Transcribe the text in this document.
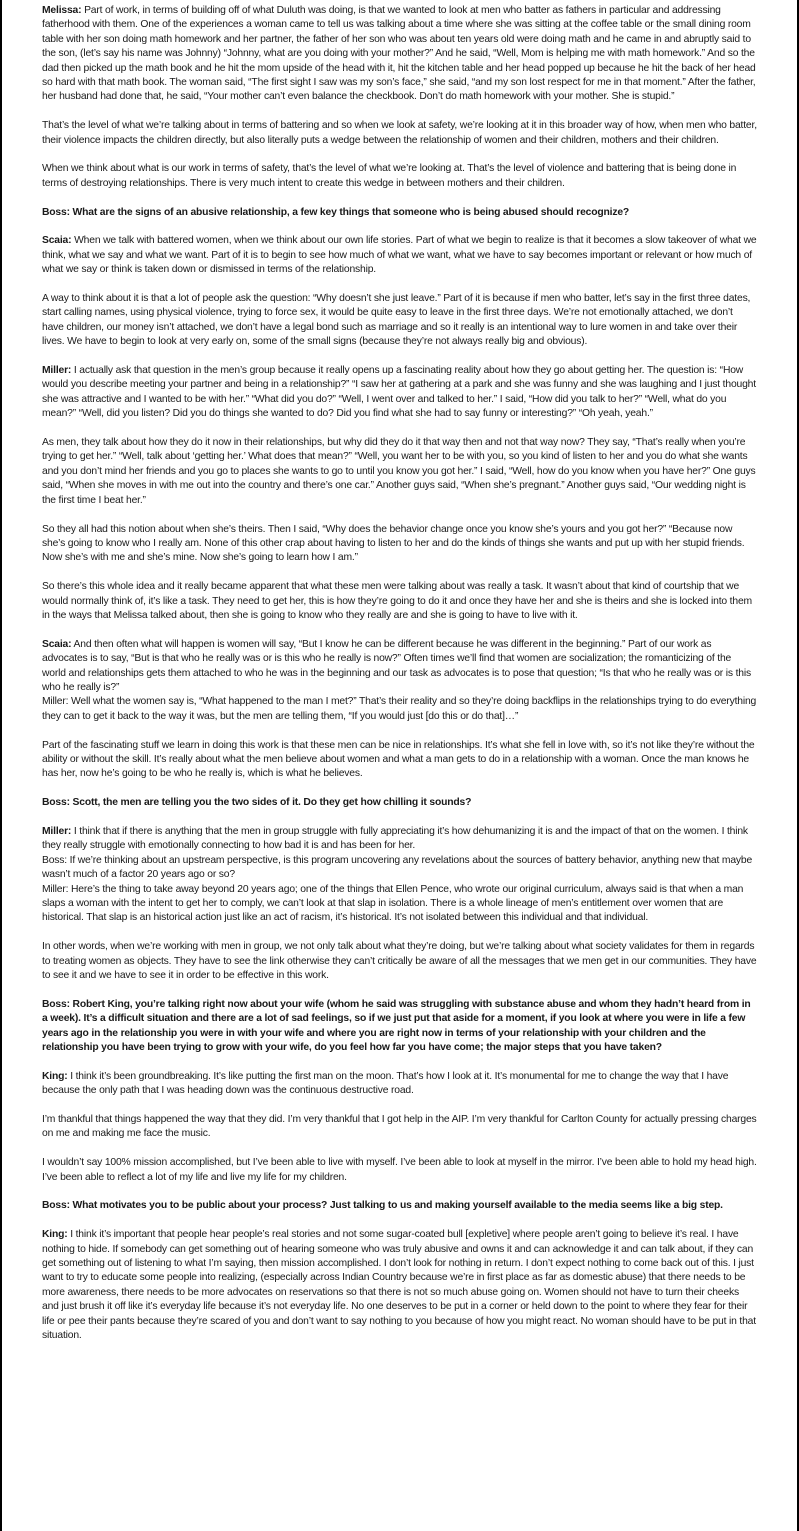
Melissa: Part of work, in terms of building off of what Duluth was doing, is that we wanted to look at men who batter as fathers in particular and addressing fatherhood with them. One of the experiences a woman came to tell us was talking about a time where she was sitting at the coffee table or the small dining room table with her son doing math homework and her partner, the father of her son who was about ten years old were doing math and he came in and abruptly said to the son, (let’s say his name was Johnny) “Johnny, what are you doing with your mother?” And he said, “Well, Mom is helping me with math homework.” And so the dad then picked up the math book and he hit the mom upside of the head with it, hit the kitchen table and her head popped up because he hit the back of her head so hard with that math book. The woman said, “The first sight I saw was my son’s face,” she said, “and my son lost respect for me in that moment.” After the father, her husband had done that, he said, “Your mother can’t even balance the checkbook. Don’t do math homework with your mother. She is stupid.”

That’s the level of what we’re talking about in terms of battering and so when we look at safety, we’re looking at it in this broader way of how, when men who batter, their violence impacts the children directly, but also literally puts a wedge between the relationship of women and their children, mothers and their children.

When we think about what is our work in terms of safety, that’s the level of what we’re looking at. That’s the level of violence and battering that is being done in terms of destroying relationships. There is very much intent to create this wedge in between mothers and their children.

Boss: What are the signs of an abusive relationship, a few key things that someone who is being abused should recognize?

Scaia: When we talk with battered women, when we think about our own life stories. Part of what we begin to realize is that it becomes a slow takeover of what we think, what we say and what we want. Part of it is to begin to see how much of what we want, what we have to say becomes important or relevant or how much of what we say or think is taken down or dismissed in terms of the relationship.

A way to think about it is that a lot of people ask the question: “Why doesn’t she just leave.” Part of it is because if men who batter, let’s say in the first three dates, start calling names, using physical violence, trying to force sex, it would be quite easy to leave in the first three days. We’re not emotionally attached, we don’t have children, our money isn’t attached, we don’t have a legal bond such as marriage and so it really is an intentional way to lure women in and take over their lives. We have to begin to look at very early on, some of the small signs (because they’re not always really big and obvious).

Miller: I actually ask that question in the men’s group because it really opens up a fascinating reality about how they go about getting her. The question is: “How would you describe meeting your partner and being in a relationship?” “I saw her at gathering at a park and she was funny and she was laughing and I just thought she was attractive and I wanted to be with her.” “What did you do?” “Well, I went over and talked to her.” I said, “How did you talk to her?” “Well, what do you mean?” “Well, did you listen? Did you do things she wanted to do? Did you find what she had to say funny or interesting?” “Oh yeah, yeah.”

As men, they talk about how they do it now in their relationships, but why did they do it that way then and not that way now? They say, “That’s really when you’re trying to get her.” “Well, talk about ‘getting her.’ What does that mean?” “Well, you want her to be with you, so you kind of listen to her and you do what she wants and you don’t mind her friends and you go to places she wants to go to until you know you got her.” I said, “Well, how do you know when you have her?” One guys said, “When she moves in with me out into the country and there’s one car.” Another guys said, “When she’s pregnant.” Another guys said, “Our wedding night is the first time I beat her.”

So they all had this notion about when she’s theirs. Then I said, “Why does the behavior change once you know she’s yours and you got her?” “Because now she’s going to know who I really am. None of this other crap about having to listen to her and do the kinds of things she wants and put up with her stupid friends. Now she’s with me and she’s mine. Now she’s going to learn how I am.”

So there’s this whole idea and it really became apparent that what these men were talking about was really a task. It wasn’t about that kind of courtship that we would normally think of, it’s like a task. They need to get her, this is how they’re going to do it and once they have her and she is theirs and she is locked into them in the ways that Melissa talked about, then she is going to know who they really are and she is going to have to live with it.

Scaia: And then often what will happen is women will say, “But I know he can be different because he was different in the beginning.” Part of our work as advocates is to say, “But is that who he really was or is this who he really is now?” Often times we’ll find that women are socialization; the romanticizing of the world and relationships gets them attached to who he was in the beginning and our task as advocates is to pose that question; “Is that who he really was or is this who he really is?”

Miller: Well what the women say is, “What happened to the man I met?” That’s their reality and so they’re doing backflips in the relationships trying to do everything they can to get it back to the way it was, but the men are telling them, “If you would just [do this or do that]…”

Part of the fascinating stuff we learn in doing this work is that these men can be nice in relationships. It’s what she fell in love with, so it’s not like they’re without the ability or without the skill. It’s really about what the men believe about women and what a man gets to do in a relationship with a woman. Once the man knows he has her, now he’s going to be who he really is, which is what he believes.

Boss: Scott, the men are telling you the two sides of it. Do they get how chilling it sounds?

Miller: I think that if there is anything that the men in group struggle with fully appreciating it’s how dehumanizing it is and the impact of that on the women. I think they really struggle with emotionally connecting to how bad it is and has been for her.

Boss: If we’re thinking about an upstream perspective, is this program uncovering any revelations about the sources of battery behavior, anything new that maybe wasn’t much of a factor 20 years ago or so?

Miller: Here’s the thing to take away beyond 20 years ago; one of the things that Ellen Pence, who wrote our original curriculum, always said is that when a man slaps a woman with the intent to get her to comply, we can’t look at that slap in isolation. There is a whole lineage of men’s entitlement over women that are historical. That slap is an historical action just like an act of racism, it’s historical. It’s not isolated between this individual and that individual.

In other words, when we’re working with men in group, we not only talk about what they’re doing, but we’re talking about what society validates for them in regards to treating women as objects. They have to see the link otherwise they can’t critically be aware of all the messages that we men get in our communities. They have to see it and we have to see it in order to be effective in this work.

Boss: Robert King, you’re talking right now about your wife (whom he said was struggling with substance abuse and whom they hadn’t heard from in a week). It’s a difficult situation and there are a lot of sad feelings, so if we just put that aside for a moment, if you look at where you were in life a few years ago in the relationship you were in with your wife and where you are right now in terms of your relationship with your children and the relationship you have been trying to grow with your wife, do you feel how far you have come; the major steps that you have taken?

King: I think it’s been groundbreaking. It’s like putting the first man on the moon. That’s how I look at it. It’s monumental for me to change the way that I have because the only path that I was heading down was the continuous destructive road.

I’m thankful that things happened the way that they did. I’m very thankful that I got help in the AIP. I’m very thankful for Carlton County for actually pressing charges on me and making me face the music.

I wouldn’t say 100% mission accomplished, but I’ve been able to live with myself. I’ve been able to look at myself in the mirror. I’ve been able to hold my head high. I’ve been able to reflect a lot of my life and live my life for my children.

Boss: What motivates you to be public about your process? Just talking to us and making yourself available to the media seems like a big step.

King: I think it’s important that people hear people’s real stories and not some sugar-coated bull [expletive] where people aren’t going to believe it’s real. I have nothing to hide. If somebody can get something out of hearing someone who was truly abusive and owns it and can acknowledge it and can talk about, if they can get something out of listening to what I’m saying, then mission accomplished. I don’t look for nothing in return. I don’t expect nothing to come back out of this. I just want to try to educate some people into realizing, (especially across Indian Country because we’re in first place as far as domestic abuse) that there needs to be more awareness, there needs to be more advocates on reservations so that there is not so much abuse going on. Women should not have to turn their cheeks and just brush it off like it’s everyday life because it’s not everyday life. No one deserves to be put in a corner or held down to the point to where they fear for their life or pee their pants because they’re scared of you and don’t want to say nothing to you because of how you might react. No woman should have to be put in that situation.
